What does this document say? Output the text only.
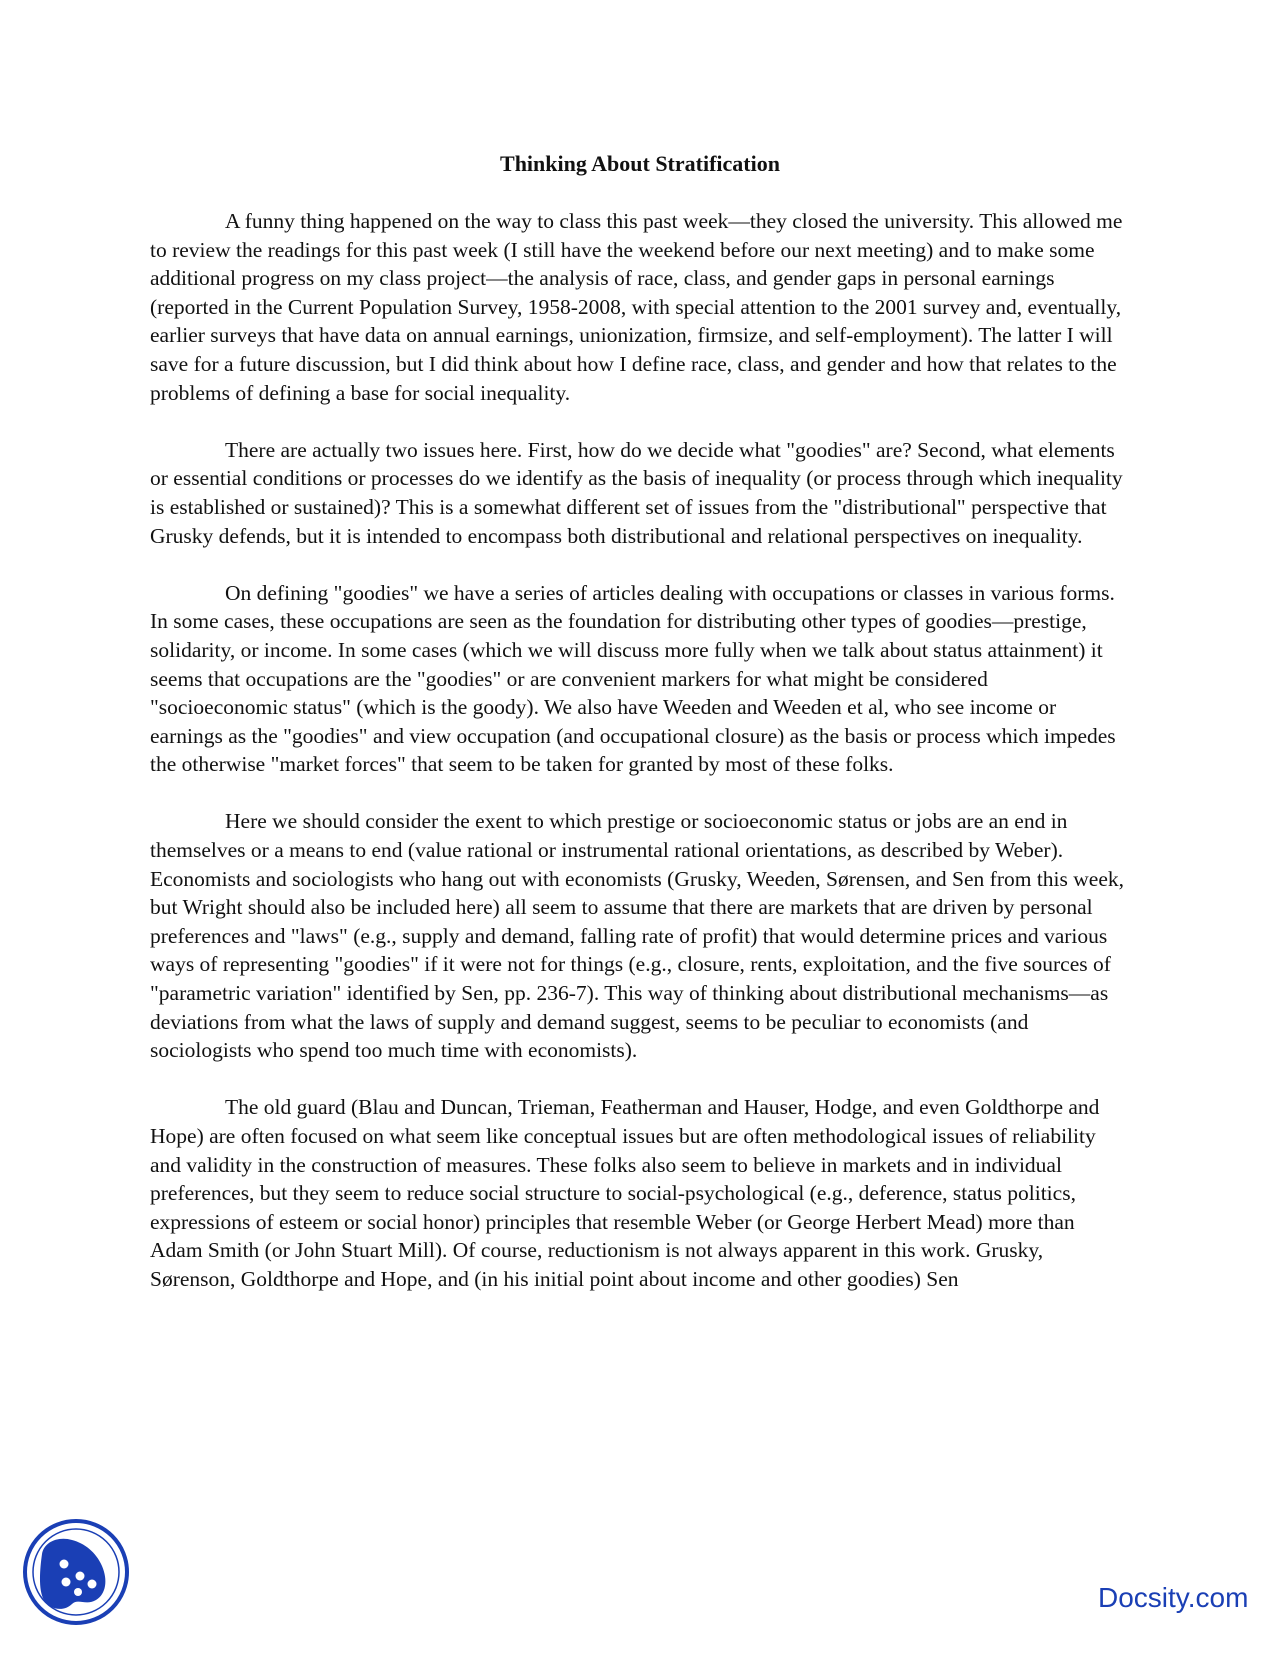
Thinking About Stratification

A funny thing happened on the way to class this past week—they closed the university. This allowed me to review the readings for this past week (I still have the weekend before our next meeting) and to make some additional progress on my class project—the analysis of race, class, and gender gaps in personal earnings (reported in the Current Population Survey, 1958-2008, with special attention to the 2001 survey and, eventually, earlier surveys that have data on annual earnings, unionization, firmsize, and self-employment). The latter I will save for a future discussion, but I did think about how I define race, class, and gender and how that relates to the problems of defining a base for social inequality.

There are actually two issues here. First, how do we decide what "goodies" are? Second, what elements or essential conditions or processes do we identify as the basis of inequality (or process through which inequality is established or sustained)? This is a somewhat different set of issues from the "distributional" perspective that Grusky defends, but it is intended to encompass both distributional and relational perspectives on inequality.

On defining "goodies" we have a series of articles dealing with occupations or classes in various forms. In some cases, these occupations are seen as the foundation for distributing other types of goodies—prestige, solidarity, or income. In some cases (which we will discuss more fully when we talk about status attainment) it seems that occupations are the "goodies" or are convenient markers for what might be considered "socioeconomic status" (which is the goody). We also have Weeden and Weeden et al, who see income or earnings as the "goodies" and view occupation (and occupational closure) as the basis or process which impedes the otherwise "market forces" that seem to be taken for granted by most of these folks.

Here we should consider the exent to which prestige or socioeconomic status or jobs are an end in themselves or a means to end (value rational or instrumental rational orientations, as described by Weber). Economists and sociologists who hang out with economists (Grusky, Weeden, Sørensen, and Sen from this week, but Wright should also be included here) all seem to assume that there are markets that are driven by personal preferences and "laws" (e.g., supply and demand, falling rate of profit) that would determine prices and various ways of representing "goodies" if it were not for things (e.g., closure, rents, exploitation, and the five sources of "parametric variation" identified by Sen, pp. 236-7). This way of thinking about distributional mechanisms—as deviations from what the laws of supply and demand suggest, seems to be peculiar to economists (and sociologists who spend too much time with economists).

The old guard (Blau and Duncan, Trieman, Featherman and Hauser, Hodge, and even Goldthorpe and Hope) are often focused on what seem like conceptual issues but are often methodological issues of reliability and validity in the construction of measures. These folks also seem to believe in markets and in individual preferences, but they seem to reduce social structure to social-psychological (e.g., deference, status politics, expressions of esteem or social honor) principles that resemble Weber (or George Herbert Mead) more than Adam Smith (or John Stuart Mill). Of course, reductionism is not always apparent in this work. Grusky, Sørenson, Goldthorpe and Hope, and (in his initial point about income and other goodies) Sen

Docsity.com
